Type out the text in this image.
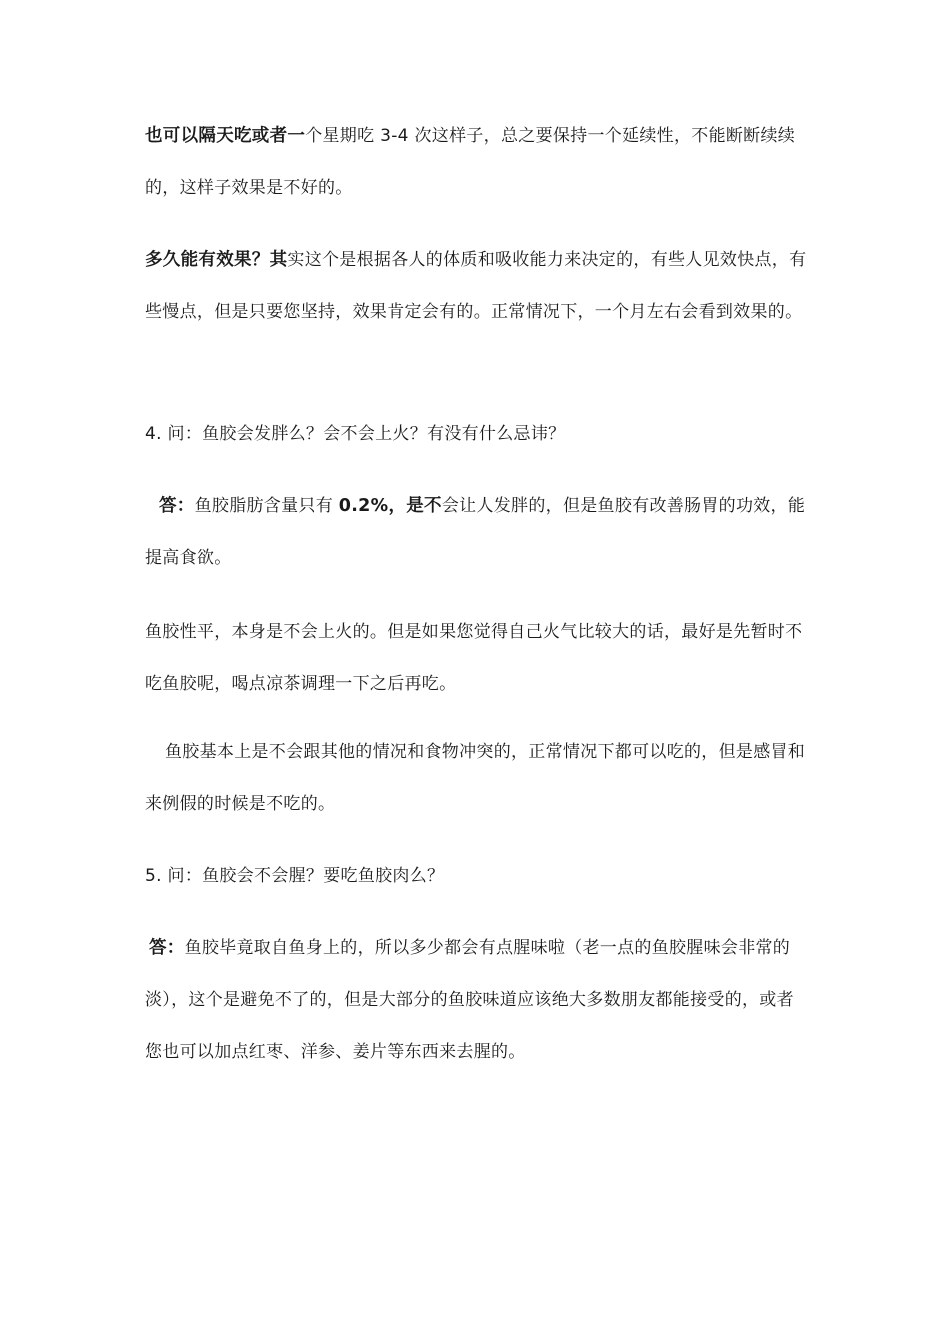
也可以隔天吃或者一个星期吃 3-4 次这样子，总之要保持一个延续性，不能断断续续的，这样子效果是不好的。

多久能有效果？其实这个是根据各人的体质和吸收能力来决定的，有些人见效快点，有些慢点，但是只要您坚持，效果肯定会有的。正常情况下，一个月左右会看到效果的。

4. 问：鱼胶会发胖么？会不会上火？有没有什么忌讳？

答：鱼胶脂肪含量只有 0.2%，是不会让人发胖的，但是鱼胶有改善肠胃的功效，能提高食欲。

鱼胶性平，本身是不会上火的。但是如果您觉得自己火气比较大的话，最好是先暂时不吃鱼胶呢，喝点凉茶调理一下之后再吃。

鱼胶基本上是不会跟其他的情况和食物冲突的，正常情况下都可以吃的，但是感冒和来例假的时候是不吃的。

5. 问：鱼胶会不会腥？要吃鱼胶肉么？

答：鱼胶毕竟取自鱼身上的，所以多少都会有点腥味啦（老一点的鱼胶腥味会非常的淡），这个是避免不了的，但是大部分的鱼胶味道应该绝大多数朋友都能接受的，或者您也可以加点红枣、洋参、姜片等东西来去腥的。
